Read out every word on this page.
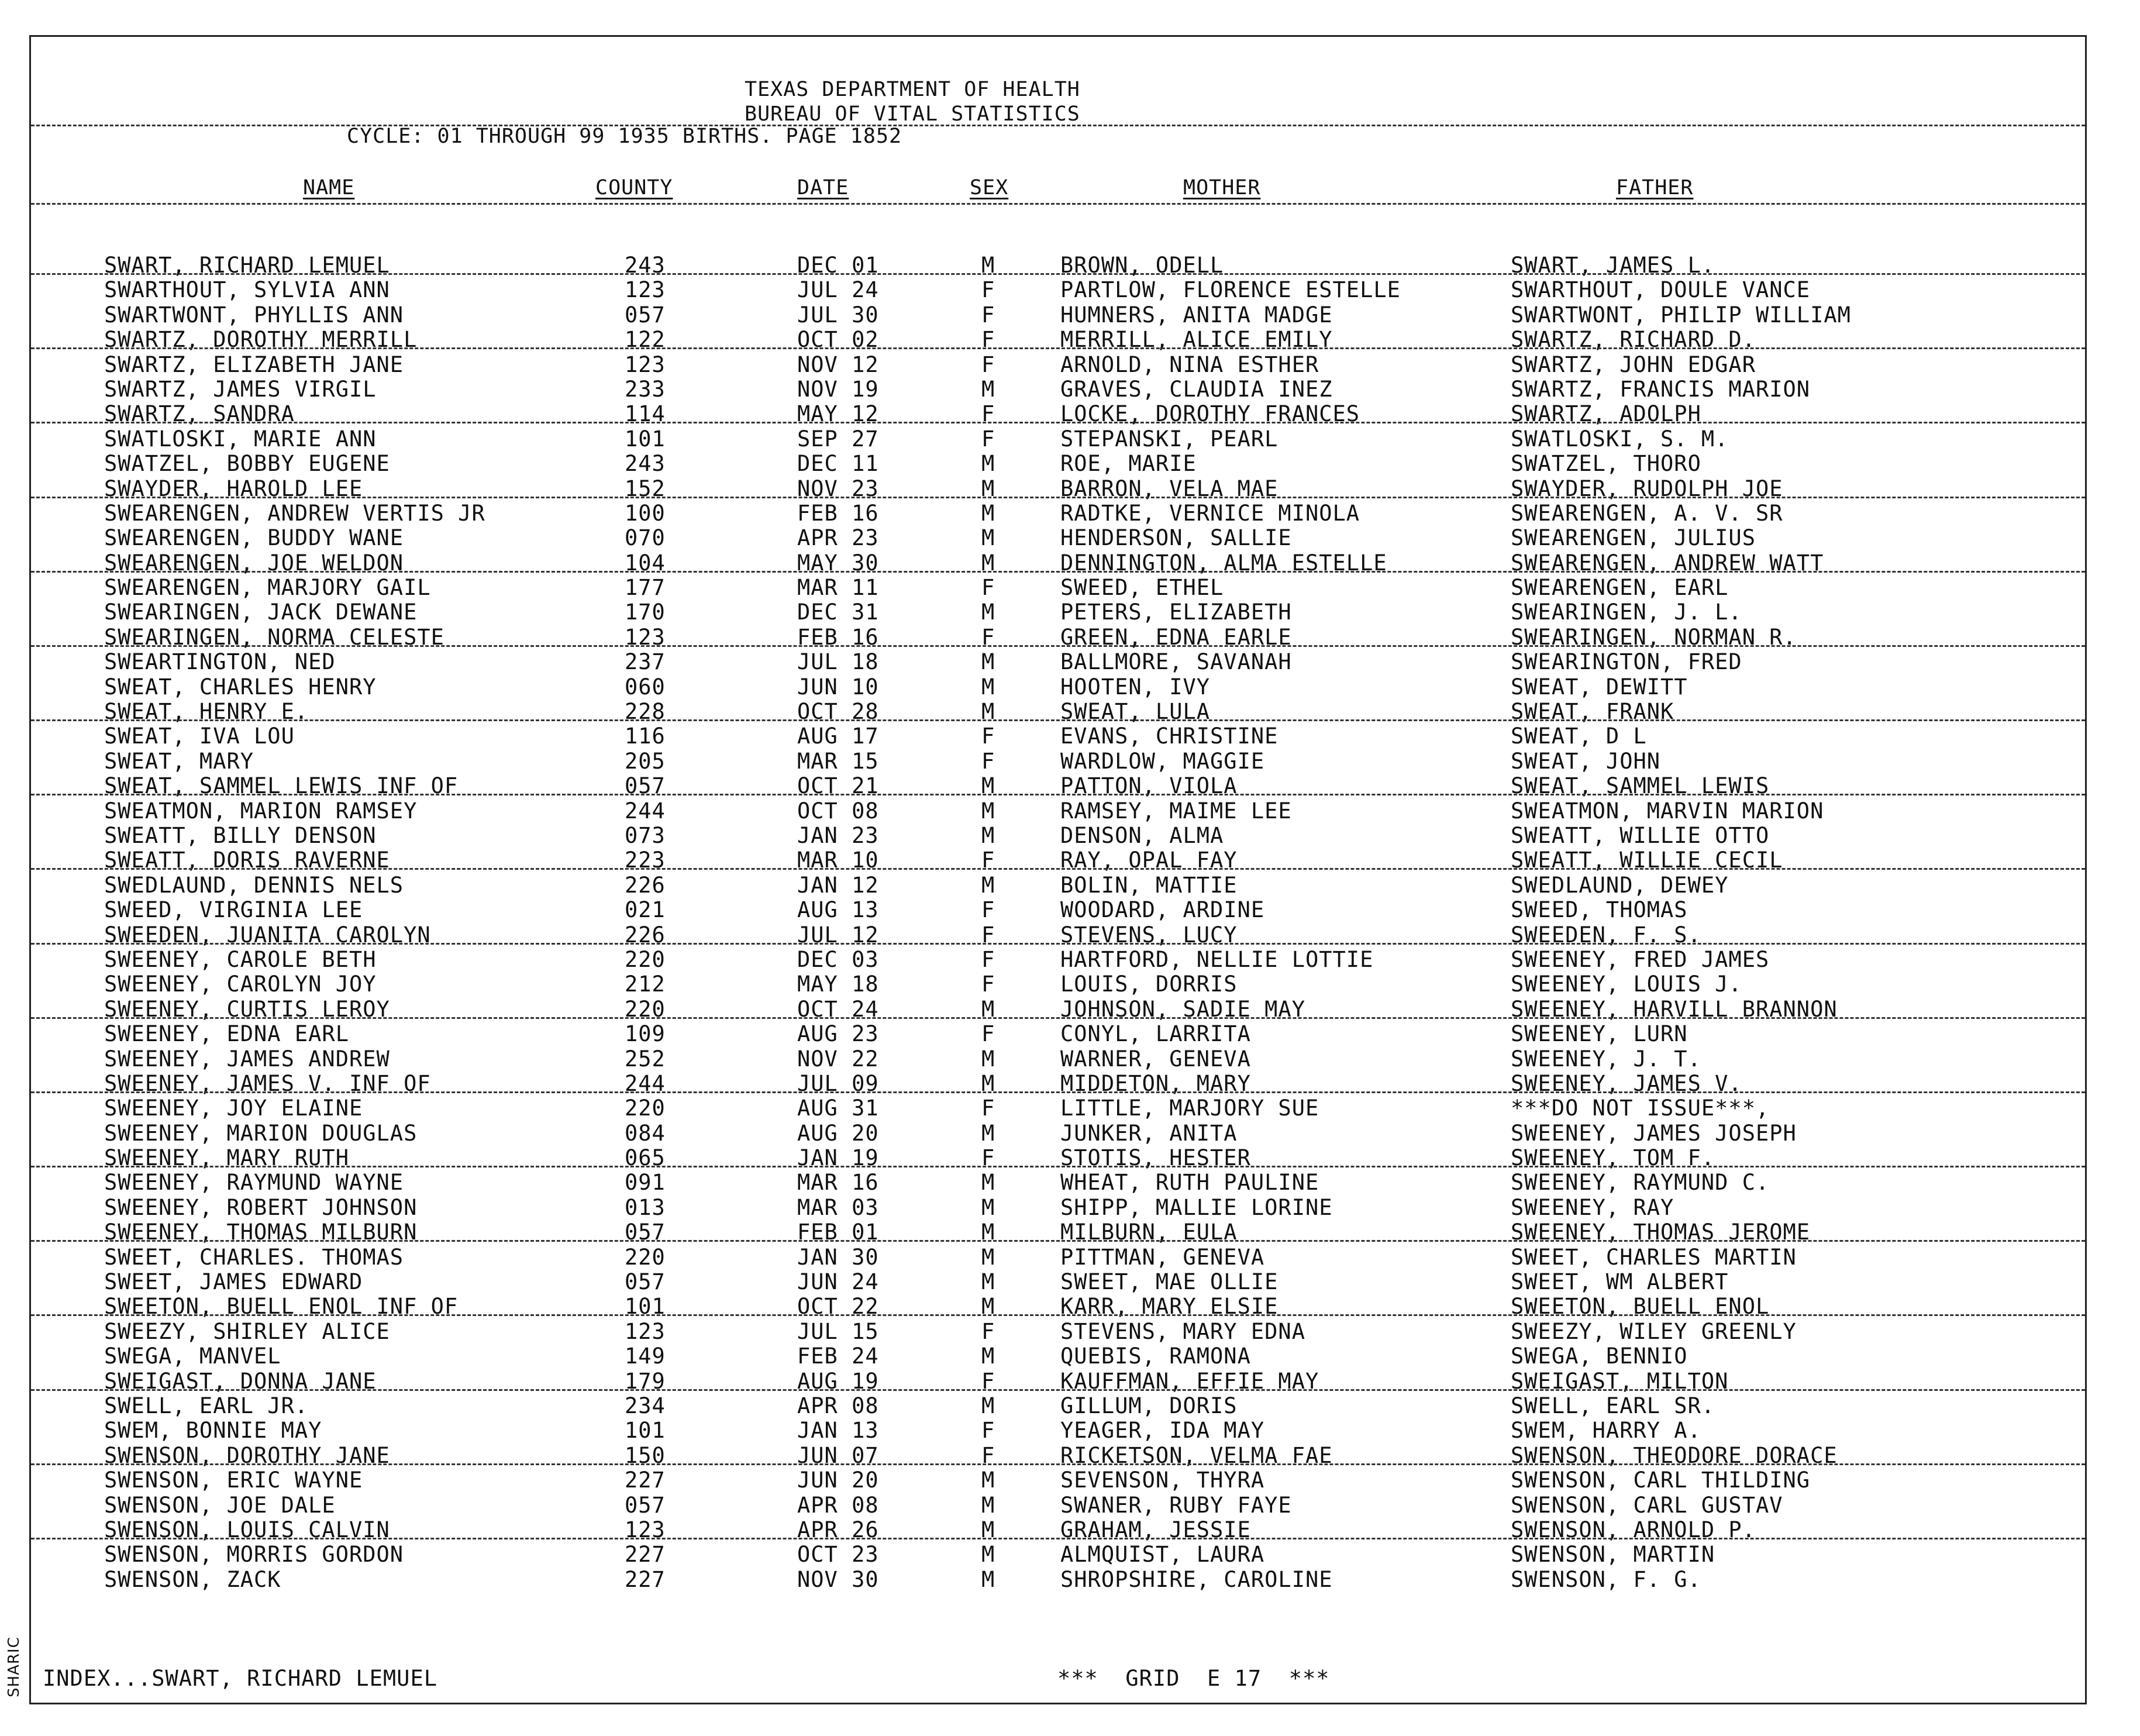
SHARIC
TEXAS DEPARTMENT OF HEALTH
BUREAU OF VITAL STATISTICS
CYCLE: 01 THROUGH 99 1935 BIRTHS. PAGE 1852
NAME	COUNTY	DATE	SEX	MOTHER	FATHER
SWART, RICHARD LEMUEL	243	DEC 01	M	BROWN, ODELL	SWART, JAMES L.
SWARTHOUT, SYLVIA ANN	123	JUL 24	F	PARTLOW, FLORENCE ESTELLE	SWARTHOUT, DOULE VANCE
SWARTWONT, PHYLLIS ANN	057	JUL 30	F	HUMNERS, ANITA MADGE	SWARTWONT, PHILIP WILLIAM
SWARTZ, DOROTHY MERRILL	122	OCT 02	F	MERRILL, ALICE EMILY	SWARTZ, RICHARD D.
SWARTZ, ELIZABETH JANE	123	NOV 12	F	ARNOLD, NINA ESTHER	SWARTZ, JOHN EDGAR
SWARTZ, JAMES VIRGIL	233	NOV 19	M	GRAVES, CLAUDIA INEZ	SWARTZ, FRANCIS MARION
SWARTZ, SANDRA	114	MAY 12	F	LOCKE, DOROTHY FRANCES	SWARTZ, ADOLPH
SWATLOSKI, MARIE ANN	101	SEP 27	F	STEPANSKI, PEARL	SWATLOSKI, S. M.
SWATZEL, BOBBY EUGENE	243	DEC 11	M	ROE, MARIE	SWATZEL, THORO
SWAYDER, HAROLD LEE	152	NOV 23	M	BARRON, VELA MAE	SWAYDER, RUDOLPH JOE
SWEARENGEN, ANDREW VERTIS JR	100	FEB 16	M	RADTKE, VERNICE MINOLA	SWEARENGEN, A. V. SR
SWEARENGEN, BUDDY WANE	070	APR 23	M	HENDERSON, SALLIE	SWEARENGEN, JULIUS
SWEARENGEN, JOE WELDON	104	MAY 30	M	DENNINGTON, ALMA ESTELLE	SWEARENGEN, ANDREW WATT
SWEARENGEN, MARJORY GAIL	177	MAR 11	F	SWEED, ETHEL	SWEARENGEN, EARL
SWEARINGEN, JACK DEWANE	170	DEC 31	M	PETERS, ELIZABETH	SWEARINGEN, J. L.
SWEARINGEN, NORMA CELESTE	123	FEB 16	F	GREEN, EDNA EARLE	SWEARINGEN, NORMAN R.
SWEARTINGTON, NED	237	JUL 18	M	BALLMORE, SAVANAH	SWEARINGTON, FRED
SWEAT, CHARLES HENRY	060	JUN 10	M	HOOTEN, IVY	SWEAT, DEWITT
SWEAT, HENRY E.	228	OCT 28	M	SWEAT, LULA	SWEAT, FRANK
SWEAT, IVA LOU	116	AUG 17	F	EVANS, CHRISTINE	SWEAT, D L
SWEAT, MARY	205	MAR 15	F	WARDLOW, MAGGIE	SWEAT, JOHN
SWEAT, SAMMEL LEWIS INF OF	057	OCT 21	M	PATTON, VIOLA	SWEAT, SAMMEL LEWIS
SWEATMON, MARION RAMSEY	244	OCT 08	M	RAMSEY, MAIME LEE	SWEATMON, MARVIN MARION
SWEATT, BILLY DENSON	073	JAN 23	M	DENSON, ALMA	SWEATT, WILLIE OTTO
SWEATT, DORIS RAVERNE	223	MAR 10	F	RAY, OPAL FAY	SWEATT, WILLIE CECIL
SWEDLAUND, DENNIS NELS	226	JAN 12	M	BOLIN, MATTIE	SWEDLAUND, DEWEY
SWEED, VIRGINIA LEE	021	AUG 13	F	WOODARD, ARDINE	SWEED, THOMAS
SWEEDEN, JUANITA CAROLYN	226	JUL 12	F	STEVENS, LUCY	SWEEDEN, F. S.
SWEENEY, CAROLE BETH	220	DEC 03	F	HARTFORD, NELLIE LOTTIE	SWEENEY, FRED JAMES
SWEENEY, CAROLYN JOY	212	MAY 18	F	LOUIS, DORRIS	SWEENEY, LOUIS J.
SWEENEY, CURTIS LEROY	220	OCT 24	M	JOHNSON, SADIE MAY	SWEENEY, HARVILL BRANNON
SWEENEY, EDNA EARL	109	AUG 23	F	CONYL, LARRITA	SWEENEY, LURN
SWEENEY, JAMES ANDREW	252	NOV 22	M	WARNER, GENEVA	SWEENEY, J. T.
SWEENEY, JAMES V. INF OF	244	JUL 09	M	MIDDETON, MARY	SWEENEY, JAMES V.
SWEENEY, JOY ELAINE	220	AUG 31	F	LITTLE, MARJORY SUE	***DO NOT ISSUE***,
SWEENEY, MARION DOUGLAS	084	AUG 20	M	JUNKER, ANITA	SWEENEY, JAMES JOSEPH
SWEENEY, MARY RUTH	065	JAN 19	F	STOTIS, HESTER	SWEENEY, TOM F.
SWEENEY, RAYMUND WAYNE	091	MAR 16	M	WHEAT, RUTH PAULINE	SWEENEY, RAYMUND C.
SWEENEY, ROBERT JOHNSON	013	MAR 03	M	SHIPP, MALLIE LORINE	SWEENEY, RAY
SWEENEY, THOMAS MILBURN	057	FEB 01	M	MILBURN, EULA	SWEENEY, THOMAS JEROME
SWEET, CHARLES. THOMAS	220	JAN 30	M	PITTMAN, GENEVA	SWEET, CHARLES MARTIN
SWEET, JAMES EDWARD	057	JUN 24	M	SWEET, MAE OLLIE	SWEET, WM ALBERT
SWEETON, BUELL ENOL INF OF	101	OCT 22	M	KARR, MARY ELSIE	SWEETON, BUELL ENOL
SWEEZY, SHIRLEY ALICE	123	JUL 15	F	STEVENS, MARY EDNA	SWEEZY, WILEY GREENLY
SWEGA, MANVEL	149	FEB 24	M	QUEBIS, RAMONA	SWEGA, BENNIO
SWEIGAST, DONNA JANE	179	AUG 19	F	KAUFFMAN, EFFIE MAY	SWEIGAST, MILTON
SWELL, EARL JR.	234	APR 08	M	GILLUM, DORIS	SWELL, EARL SR.
SWEM, BONNIE MAY	101	JAN 13	F	YEAGER, IDA MAY	SWEM, HARRY A.
SWENSON, DOROTHY JANE	150	JUN 07	F	RICKETSON, VELMA FAE	SWENSON, THEODORE DORACE
SWENSON, ERIC WAYNE	227	JUN 20	M	SEVENSON, THYRA	SWENSON, CARL THILDING
SWENSON, JOE DALE	057	APR 08	M	SWANER, RUBY FAYE	SWENSON, CARL GUSTAV
SWENSON, LOUIS CALVIN	123	APR 26	M	GRAHAM, JESSIE	SWENSON, ARNOLD P.
SWENSON, MORRIS GORDON	227	OCT 23	M	ALMQUIST, LAURA	SWENSON, MARTIN
SWENSON, ZACK	227	NOV 30	M	SHROPSHIRE, CAROLINE	SWENSON, F. G.
INDEX...SWART, RICHARD LEMUEL	***  GRID  E 17  ***
